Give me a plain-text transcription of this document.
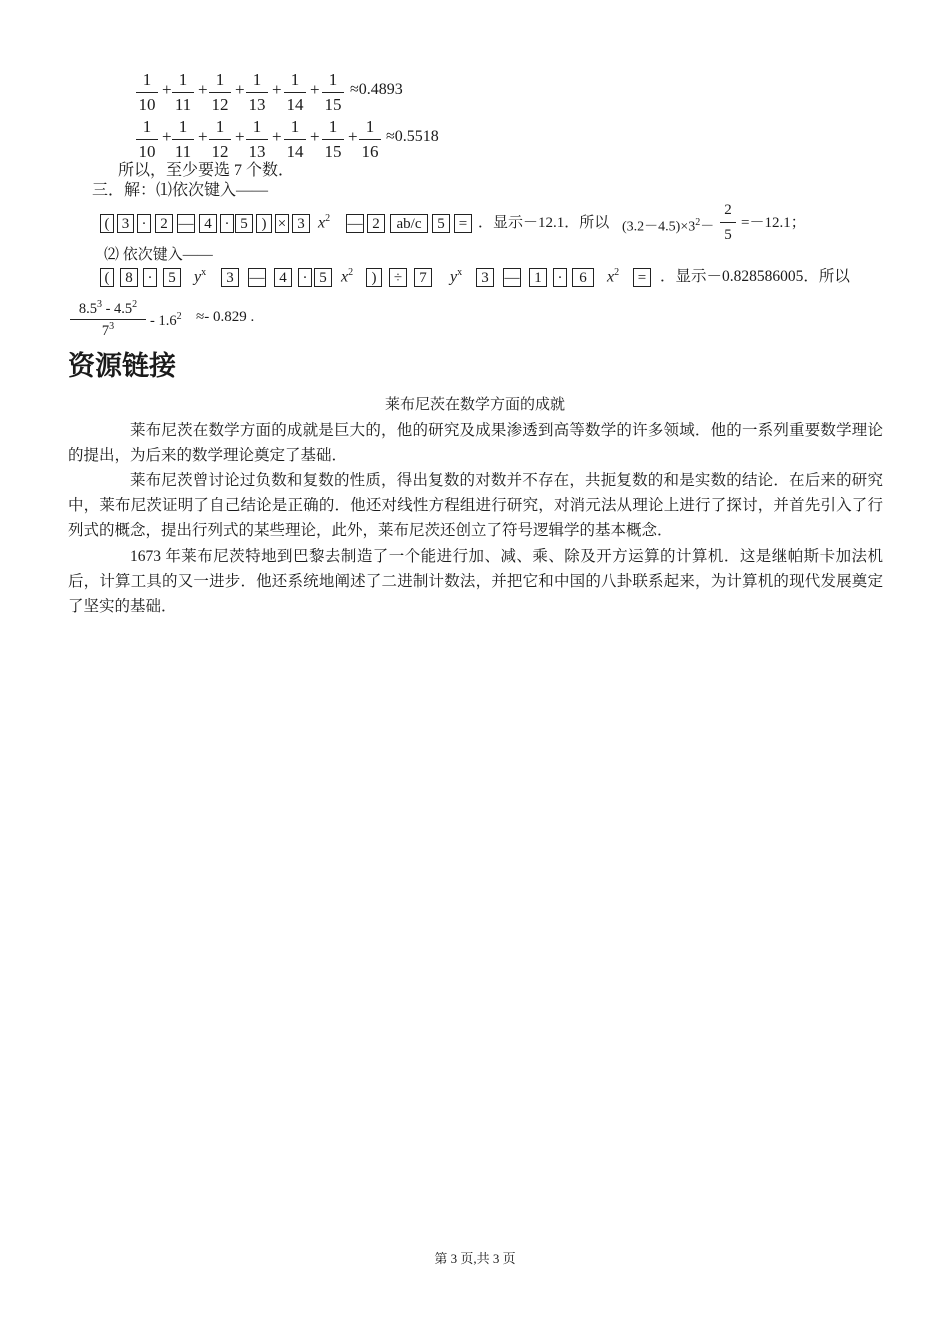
$\frac{1}{10} + \frac{1}{11} + \frac{1}{12} + \frac{1}{13} + \frac{1}{14} + \frac{1}{15} \approx 0.4893$
$\frac{1}{10} + \frac{1}{11} + \frac{1}{12} + \frac{1}{13} + \frac{1}{14} + \frac{1}{15} + \frac{1}{16} \approx 0.5518$
所以，至少要选 7 个数．
三．解：⑴依次键入——
( 3 · 2 — 4 · 5 ) × 3 $x^2$ — 2	ab/c	5 = ．显示－12.1．所以 $(3.2-4.5)\times 3^2- \frac{2}{5} =-12.1$；
⑵ 依次键入——
(	8 ·	5	$y^x$	3	— 4	· 5 $x^2$	)	÷	7	$y^x$	3	— 1	·	6	$x^2$	= ．显示－0.828586005．所以
$8.5^3 - 4.5^2$
$7^3$	- $1.6^2 \approx- 0.829$ .
资源链接
莱布尼茨在数学方面的成就
莱布尼茨在数学方面的成就是巨大的，他的研究及成果渗透到高等数学的许多领域．他的一系列重要数学理论的提出，为后来的数学理论奠定了基础．
莱布尼茨曾讨论过负数和复数的性质，得出复数的对数并不存在，共扼复数的和是实数的结论．在后来的研究中，莱布尼茨证明了自己结论是正确的．他还对线性方程组进行研究，对消元法从理论上进行了探讨，并首先引入了行列式的概念，提出行列式的某些理论，此外，莱布尼茨还创立了符号逻辑学的基本概念．
1673 年莱布尼茨特地到巴黎去制造了一个能进行加、减、乘、除及开方运算的计算机．这是继帕斯卡加法机后，计算工具的又一进步．他还系统地阐述了二进制计数法，并把它和中国的八卦联系起来，为计算机的现代发展奠定了坚实的基础．
第 3 页,共 3 页
